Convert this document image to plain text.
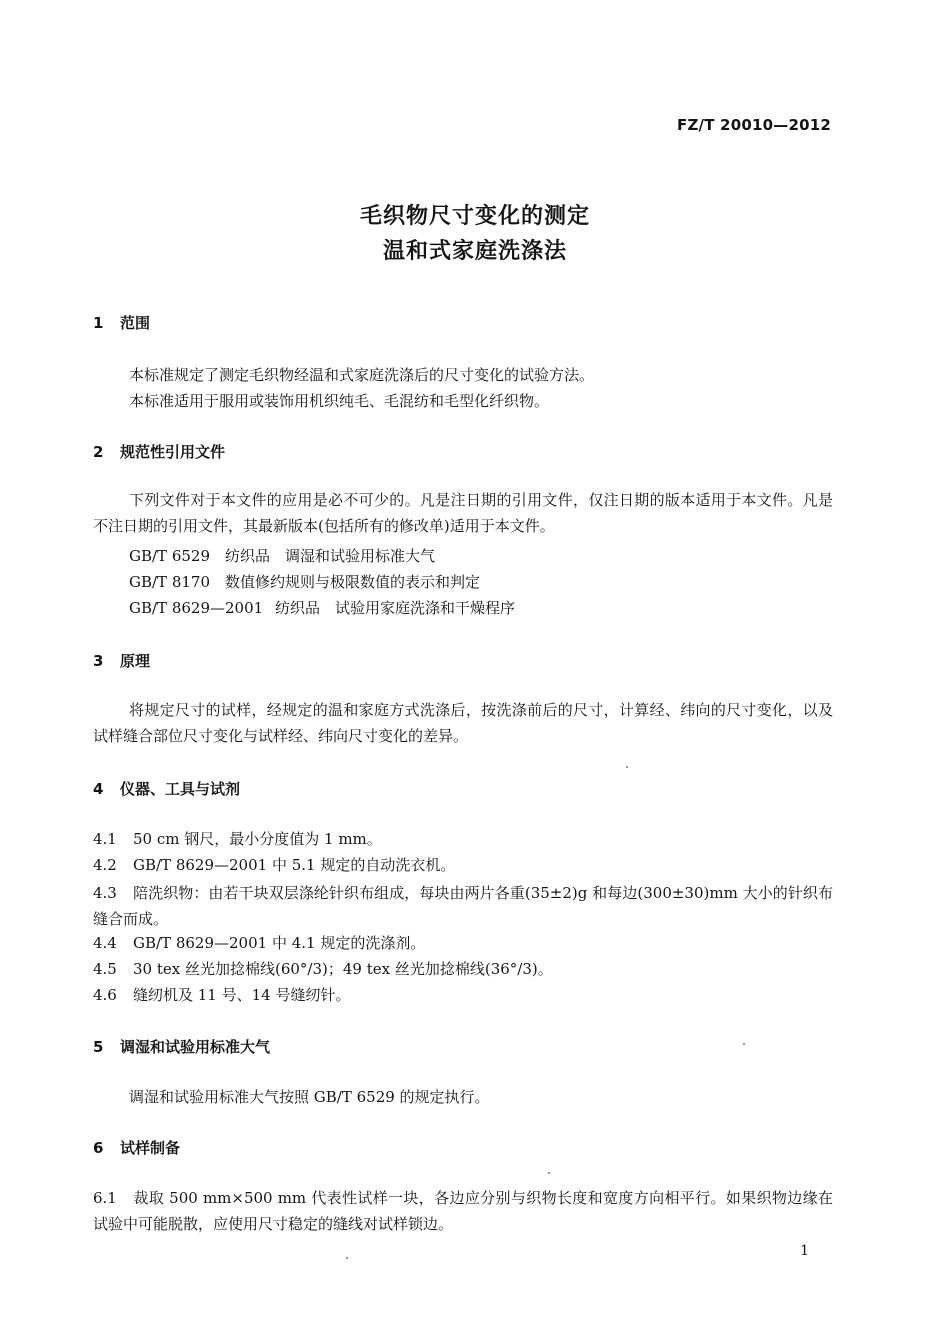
FZ/T 20010—2012
毛织物尺寸变化的测定
温和式家庭洗涤法
1 范围
本标准规定了测定毛织物经温和式家庭洗涤后的尺寸变化的试验方法。
本标准适用于服用或装饰用机织纯毛、毛混纺和毛型化纤织物。
2 规范性引用文件
下列文件对于本文件的应用是必不可少的。凡是注日期的引用文件，仅注日期的版本适用于本文件。凡是不注日期的引用文件，其最新版本(包括所有的修改单)适用于本文件。
GB/T 6529 纺织品　调湿和试验用标准大气
GB/T 8170 数值修约规则与极限数值的表示和判定
GB/T 8629—2001 纺织品　试验用家庭洗涤和干燥程序
3 原理
将规定尺寸的试样，经规定的温和家庭方式洗涤后，按洗涤前后的尺寸，计算经、纬向的尺寸变化，以及试样缝合部位尺寸变化与试样经、纬向尺寸变化的差异。
4 仪器、工具与试剂
4.1 50 cm 钢尺，最小分度值为 1 mm。
4.2 GB/T 8629—2001 中 5.1 规定的自动洗衣机。
4.3 陪洗织物：由若干块双层涤纶针织布组成，每块由两片各重(35±2)g 和每边(300±30)mm 大小的针织布缝合而成。
4.4 GB/T 8629—2001 中 4.1 规定的洗涤剂。
4.5 30 tex 丝光加捻棉线(60°/3)；49 tex 丝光加捻棉线(36°/3)。
4.6 缝纫机及 11 号、14 号缝纫针。
5 调湿和试验用标准大气
调湿和试验用标准大气按照 GB/T 6529 的规定执行。
6 试样制备
6.1 裁取 500 mm×500 mm 代表性试样一块，各边应分别与织物长度和宽度方向相平行。如果织物边缘在试验中可能脱散，应使用尺寸稳定的缝线对试样锁边。
1
